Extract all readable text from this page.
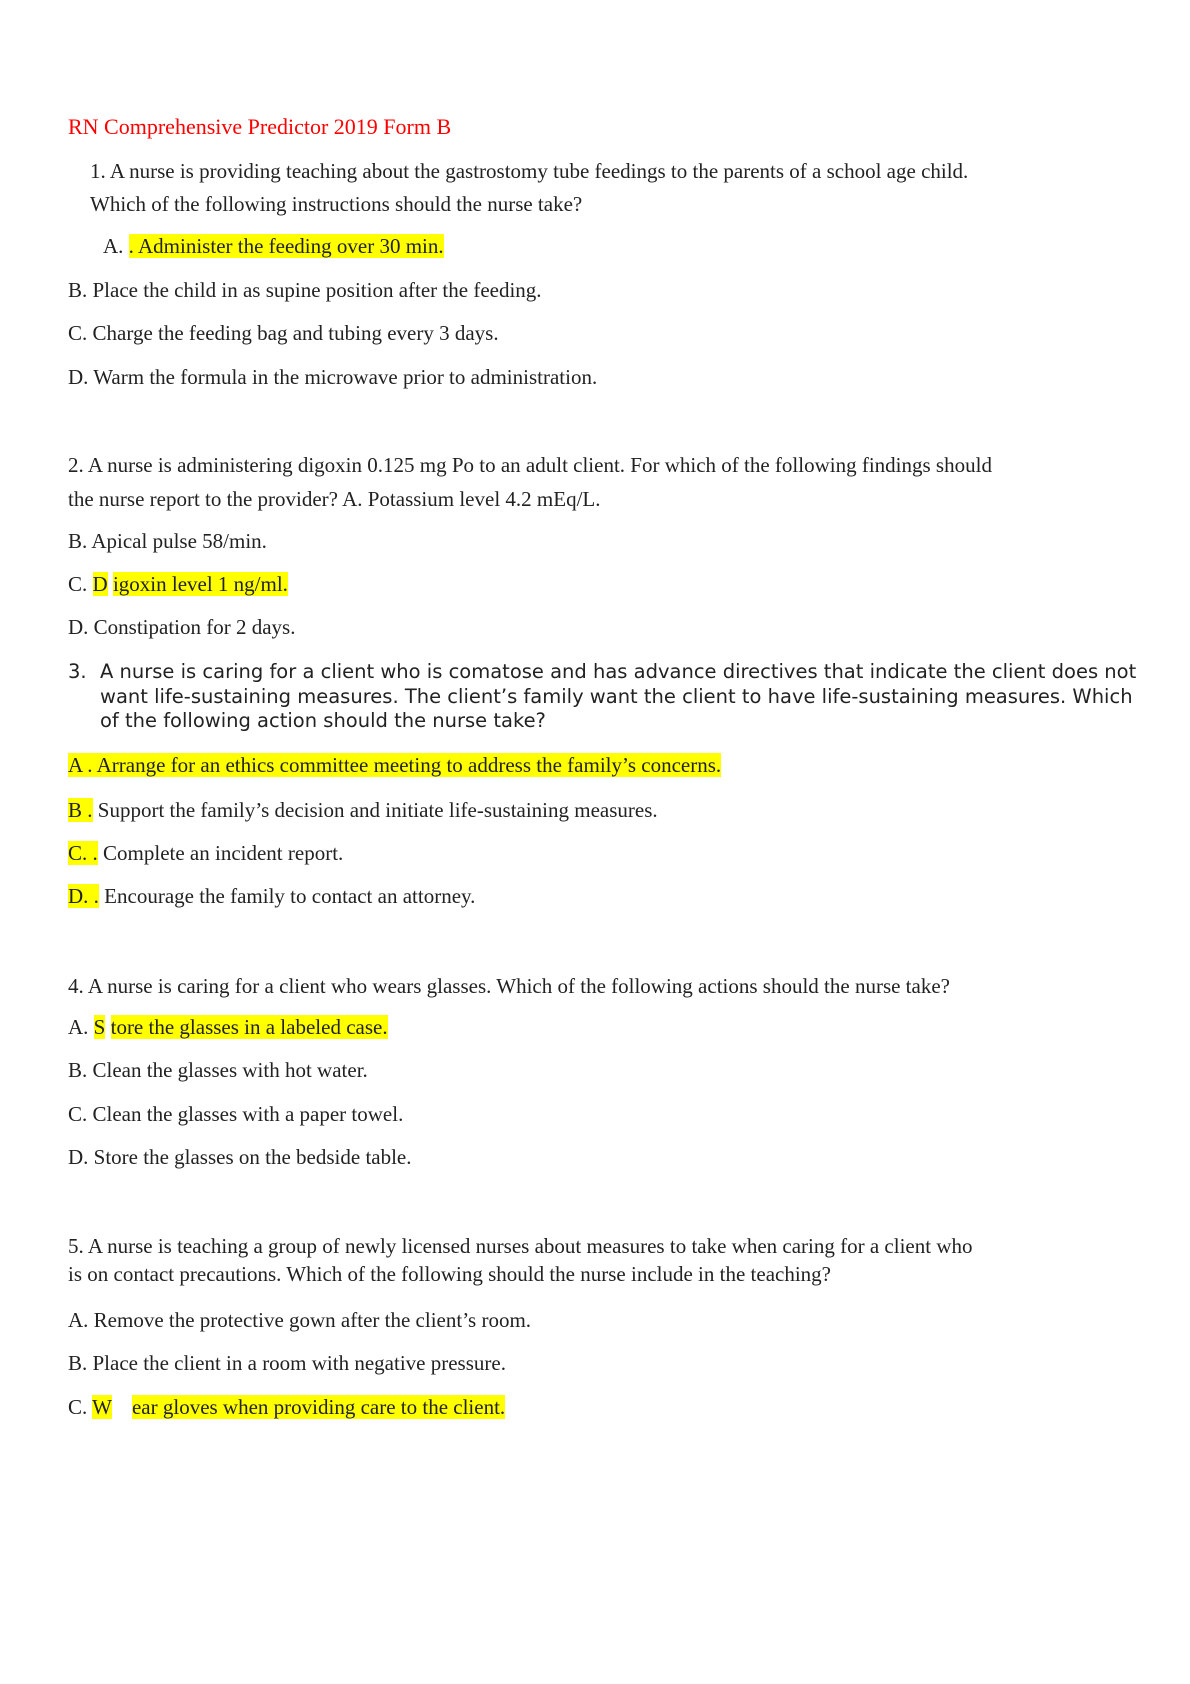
RN Comprehensive Predictor 2019 Form B
1. A nurse is providing teaching about the gastrostomy tube feedings to the parents of a school age child.
Which of the following instructions should the nurse take?
A. . Administer the feeding over 30 min.
B. Place the child in as supine position after the feeding.
C. Charge the feeding bag and tubing every 3 days.
D. Warm the formula in the microwave prior to administration.
2. A nurse is administering digoxin 0.125 mg Po to an adult client. For which of the following findings should
the nurse report to the provider? A. Potassium level 4.2 mEq/L.
B. Apical pulse 58/min.
C. D igoxin level 1 ng/ml.
D. Constipation for 2 days.
3. A nurse is caring for a client who is comatose and has advance directives that indicate the client does not
want life-sustaining measures. The client’s family want the client to have life-sustaining measures. Which
of the following action should the nurse take?
A . Arrange for an ethics committee meeting to address the family’s concerns.
B . Support the family’s decision and initiate life-sustaining measures.
C. . Complete an incident report.
D. . Encourage the family to contact an attorney.
4. A nurse is caring for a client who wears glasses. Which of the following actions should the nurse take?
A. S tore the glasses in a labeled case.
B. Clean the glasses with hot water.
C. Clean the glasses with a paper towel.
D. Store the glasses on the bedside table.
5. A nurse is teaching a group of newly licensed nurses about measures to take when caring for a client who
is on contact precautions. Which of the following should the nurse include in the teaching?
A. Remove the protective gown after the client’s room.
B. Place the client in a room with negative pressure.
C. W ear gloves when providing care to the client.
